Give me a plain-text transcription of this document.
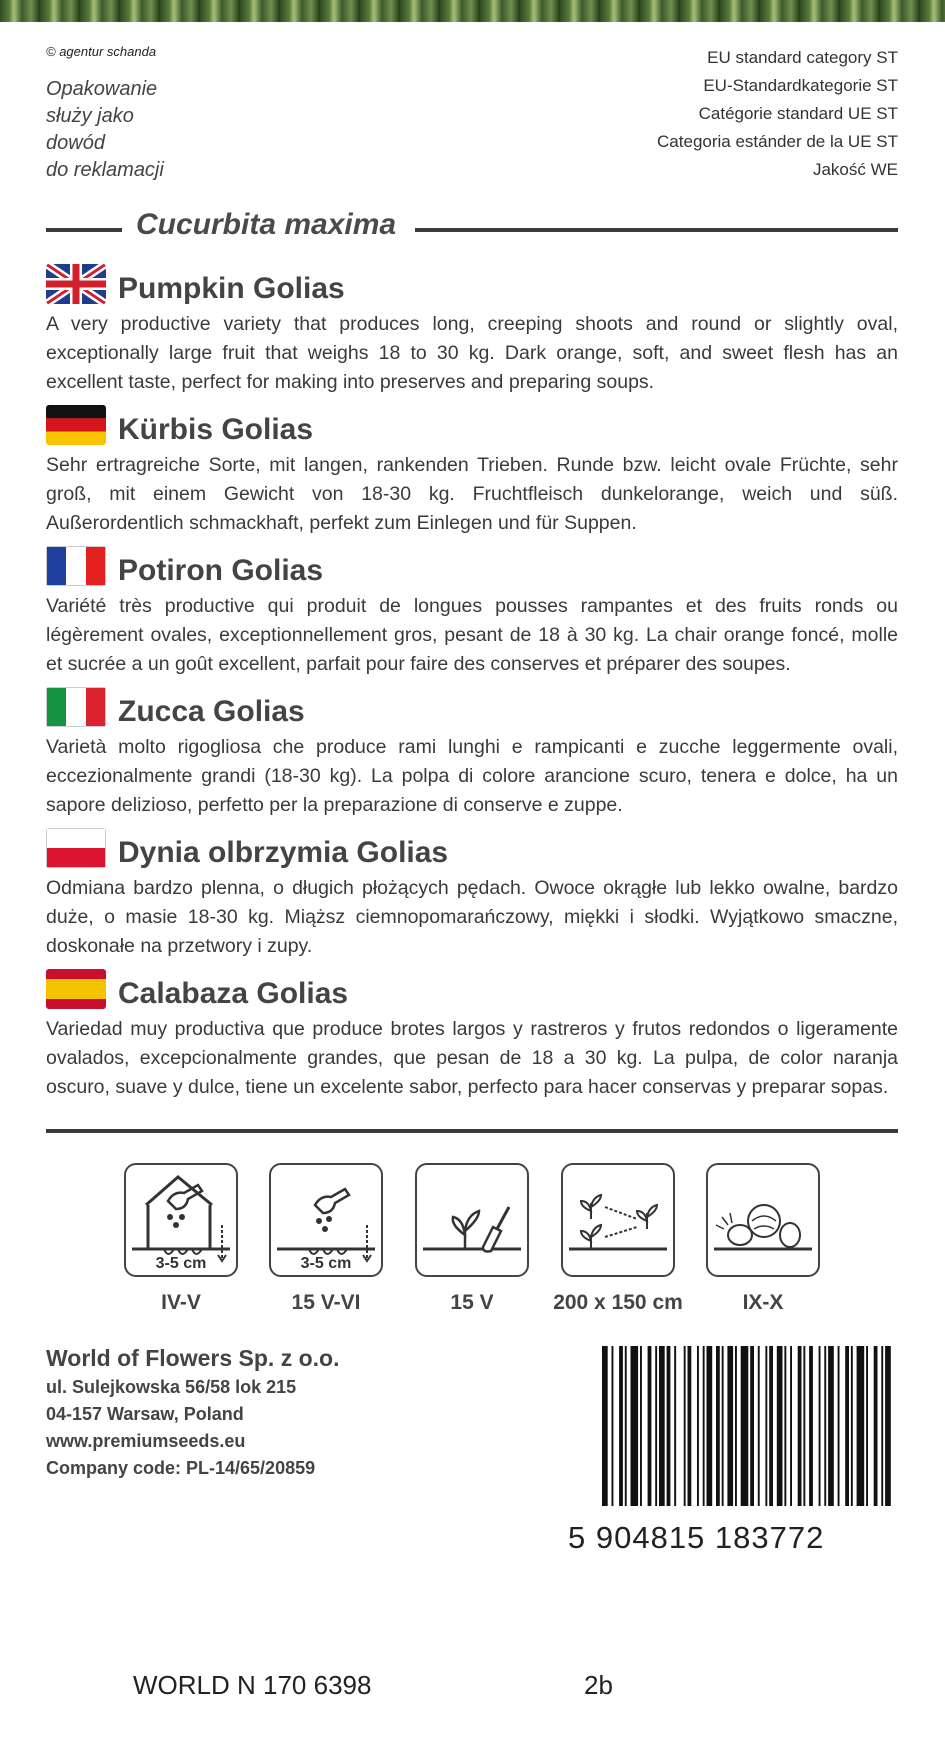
© agentur schanda
Opakowanie
służy jako
dowód
do reklamacji
EU standard category ST
EU-Standardkategorie ST
Catégorie standard UE ST
Categoria estánder de la UE ST
Jakość WE
Cucurbita maxima
Pumpkin Golias
A very productive variety that produces long, creeping shoots and round or slightly oval, exceptionally large fruit that weighs 18 to 30 kg. Dark orange, soft, and sweet flesh has an excellent taste, perfect for making into preserves and preparing soups.
Kürbis Golias
Sehr ertragreiche Sorte, mit langen, rankenden Trieben. Runde bzw. leicht ovale Früchte, sehr groß, mit einem Gewicht von 18-30 kg. Fruchtfleisch dunkelorange, weich und süß. Außerordentlich schmackhaft, perfekt zum Einlegen und für Suppen.
Potiron Golias
Variété très productive qui produit de longues pousses rampantes et des fruits ronds ou légèrement ovales, exceptionnellement gros, pesant de 18 à 30 kg. La chair orange foncé, molle et sucrée a un goût excellent, parfait pour faire des conserves et préparer des soupes.
Zucca Golias
Varietà molto rigogliosa che produce rami lunghi e rampicanti e zucche leggermente ovali, eccezionalmente grandi (18-30 kg). La polpa di colore arancione scuro, tenera e dolce, ha un sapore delizioso, perfetto per la preparazione di conserve e zuppe.
Dynia olbrzymia Golias
Odmiana bardzo plenna, o długich płożących pędach. Owoce okrągłe lub lekko owalne, bardzo duże, o masie 18-30 kg. Miąższ ciemnopomarańczowy, miękki i słodki. Wyjątkowo smaczne, doskonałe na przetwory i zupy.
Calabaza Golias
Variedad muy productiva que produce brotes largos y rastreros y frutos redondos o ligeramente ovalados, excepcionalmente grandes, que pesan de 18 a 30 kg. La pulpa, de color naranja oscuro, suave y dulce, tiene un excelente sabor, perfecto para hacer conservas y preparar sopas.
3-5 cm	3-5 cm
IV-V	15 V-VI	15 V	200 x 150 cm	IX-X
World of Flowers Sp. z o.o.
ul. Sulejkowska 56/58 lok 215
04-157 Warsaw, Poland
www.premiumseeds.eu
Company code: PL-14/65/20859
5 904815 183772
WORLD N 170 6398	2b
